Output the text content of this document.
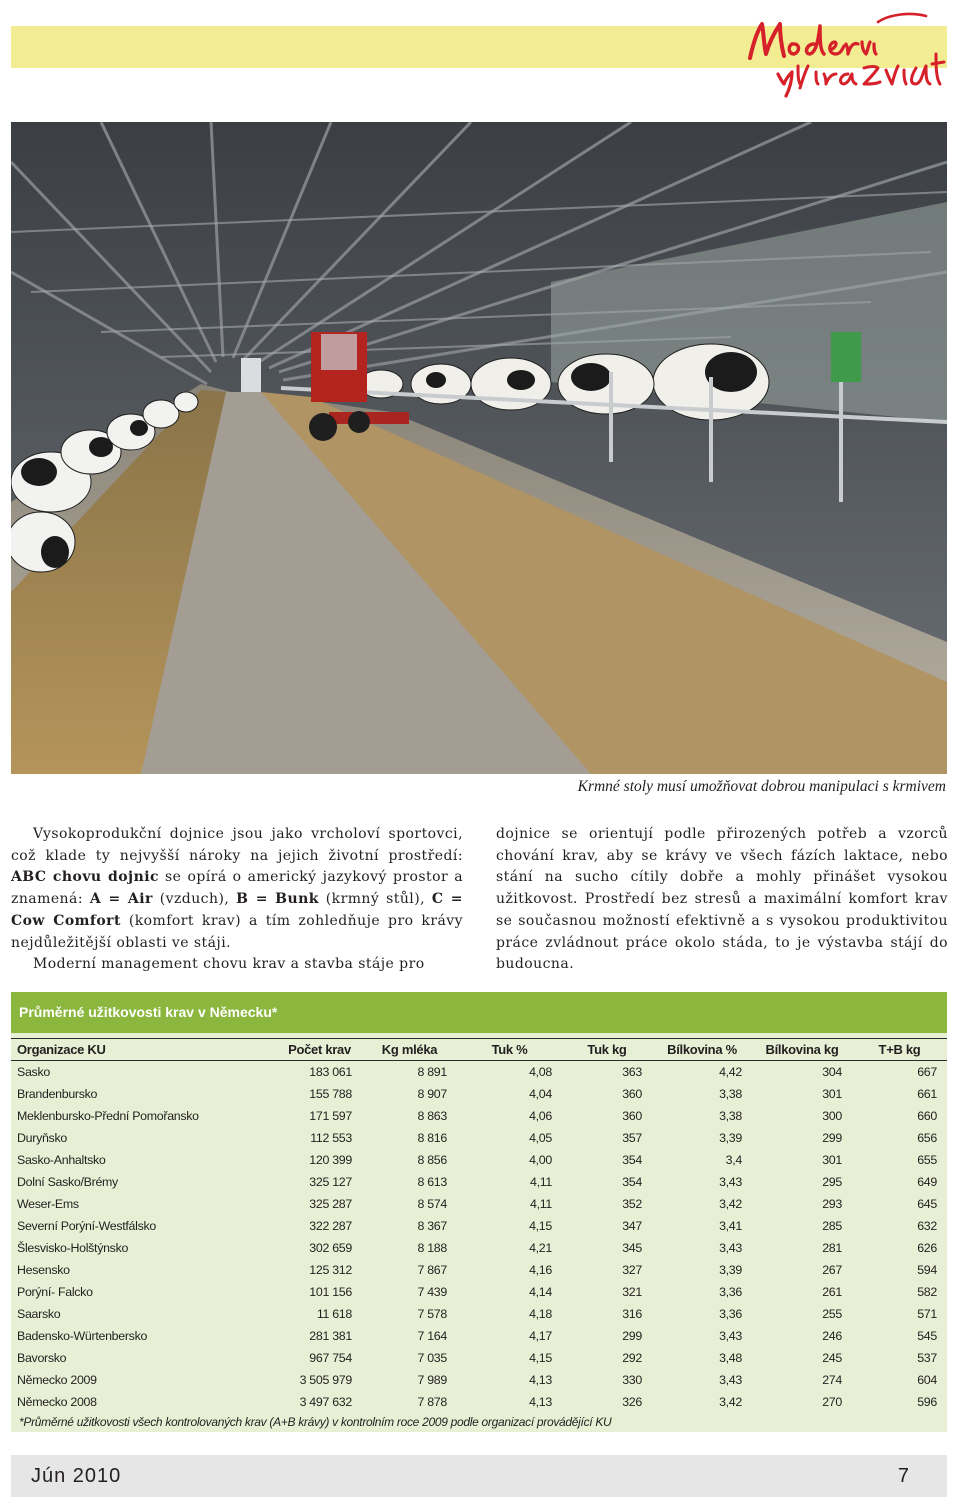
Krmné stoly musí umožňovat dobrou manipulaci s krmivem

Vysokoprodukční dojnice jsou jako vrcholoví sportovci, což klade ty nejvyšší nároky na jejich životní prostředí: ABC chovu dojnic se opírá o americký jazykový prostor a znamená: A = Air (vzduch), B = Bunk (krmný stůl), C = Cow Comfort (komfort krav) a tím zohledňuje pro krávy nejdůležitější oblasti ve stáji.

Moderní management chovu krav a stavba stáje pro

dojnice se orientují podle přirozených potřeb a vzorců chování krav, aby se krávy ve všech fázích laktace, nebo stání na sucho cítily dobře a mohly přinášet vysokou užitkovost. Prostředí bez stresů a maximální komfort krav se současnou možností efektivně a s vysokou produktivitou práce zvládnout práce okolo stáda, to je výstavba stájí do budoucna.

Průměrné užitkovosti krav v Německu*
Organizace KU	Počet krav	Kg mléka	Tuk %	Tuk kg	Bílkovina %	Bílkovina kg	T+B kg
Sasko	183 061	8 891	4,08	363	4,42	304	667
Brandenbursko	155 788	8 907	4,04	360	3,38	301	661
Meklenbursko-Přední Pomořansko	171 597	8 863	4,06	360	3,38	300	660
Duryňsko	112 553	8 816	4,05	357	3,39	299	656
Sasko-Anhaltsko	120 399	8 856	4,00	354	3,4	301	655
Dolní Sasko/Brémy	325 127	8 613	4,11	354	3,43	295	649
Weser-Ems	325 287	8 574	4,11	352	3,42	293	645
Severní Porýní-Westfálsko	322 287	8 367	4,15	347	3,41	285	632
Šlesvisko-Holštýnsko	302 659	8 188	4,21	345	3,43	281	626
Hesensko	125 312	7 867	4,16	327	3,39	267	594
Porýní- Falcko	101 156	7 439	4,14	321	3,36	261	582
Saarsko	11 618	7 578	4,18	316	3,36	255	571
Badensko-Würtenbersko	281 381	7 164	4,17	299	3,43	246	545
Bavorsko	967 754	7 035	4,15	292	3,48	245	537
Německo 2009	3 505 979	7 989	4,13	330	3,43	274	604
Německo 2008	3 497 632	7 878	4,13	326	3,42	270	596
*Průměrné užitkovosti všech kontrolovaných krav (A+B krávy) v kontrolním roce 2009 podle organizací provádějící KU
Jún 2010	7
